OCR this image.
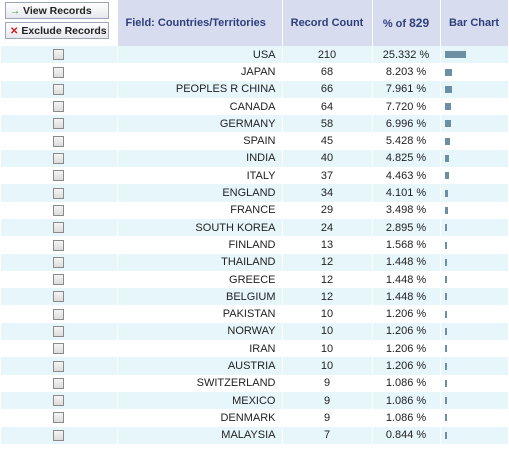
→ View Records
✕ Exclude Records	Field: Countries/Territories	Record Count	% of 829	Bar Chart
	USA	210	25.332 %	
	JAPAN	68	8.203 %	
	PEOPLES R CHINA	66	7.961 %	
	CANADA	64	7.720 %	
	GERMANY	58	6.996 %	
	SPAIN	45	5.428 %	
	INDIA	40	4.825 %	
	ITALY	37	4.463 %	
	ENGLAND	34	4.101 %	
	FRANCE	29	3.498 %	
	SOUTH KOREA	24	2.895 %	
	FINLAND	13	1.568 %	
	THAILAND	12	1.448 %	
	GREECE	12	1.448 %	
	BELGIUM	12	1.448 %	
	PAKISTAN	10	1.206 %	
	NORWAY	10	1.206 %	
	IRAN	10	1.206 %	
	AUSTRIA	10	1.206 %	
	SWITZERLAND	9	1.086 %	
	MEXICO	9	1.086 %	
	DENMARK	9	1.086 %	
	MALAYSIA	7	0.844 %	
